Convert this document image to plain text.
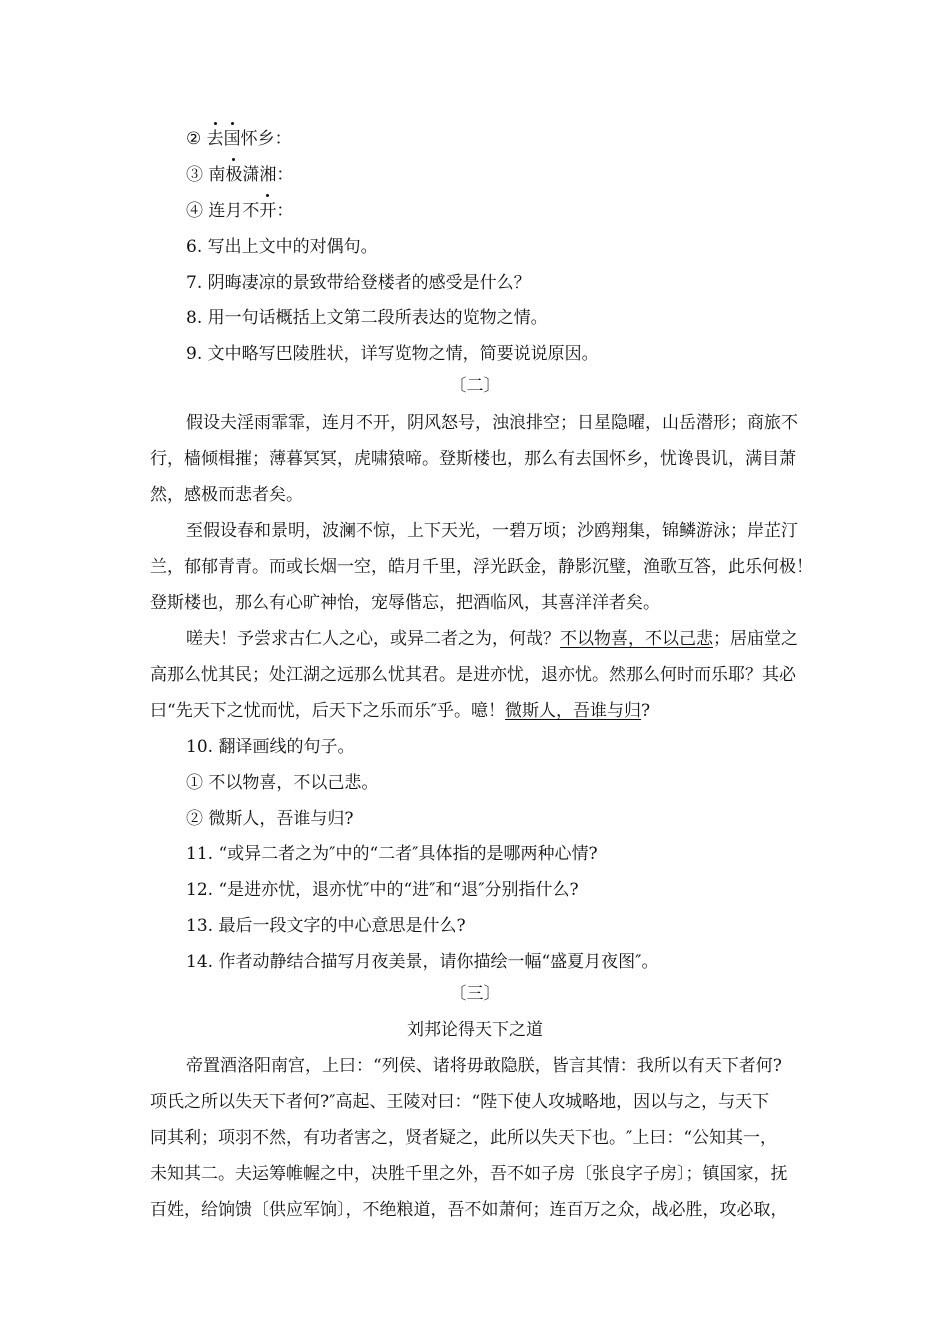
② 去国怀乡：
③ 南极潇湘：
④ 连月不开：
6. 写出上文中的对偶句。
7. 阴晦凄凉的景致带给登楼者的感受是什么？
8. 用一句话概括上文第二段所表达的览物之情。
9. 文中略写巴陵胜状，详写览物之情，简要说说原因。
〔二〕
假设夫淫雨霏霏，连月不开，阴风怒号，浊浪排空；日星隐曜，山岳潜形；商旅不
行，樯倾楫摧；薄暮冥冥，虎啸猿啼。登斯楼也，那么有去国怀乡，忧谗畏讥，满目萧
然，感极而悲者矣。
至假设春和景明，波澜不惊，上下天光，一碧万顷；沙鸥翔集，锦鳞游泳；岸芷汀
兰，郁郁青青。而或长烟一空，皓月千里，浮光跃金，静影沉璧，渔歌互答，此乐何极！
登斯楼也，那么有心旷神怡，宠辱偕忘，把酒临风，其喜洋洋者矣。
嗟夫！予尝求古仁人之心，或异二者之为，何哉？不以物喜，不以己悲；居庙堂之
高那么忧其民；处江湖之远那么忧其君。是进亦忧，退亦忧。然那么何时而乐耶？其必
曰“先天下之忧而忧，后天下之乐而乐″乎。噫！微斯人，吾谁与归?
10. 翻译画线的句子。
① 不以物喜，不以己悲。
② 微斯人，吾谁与归?
11. “或异二者之为″中的“二者″具体指的是哪两种心情?
12. “是进亦忧，退亦忧″中的“进″和“退″分别指什么?
13. 最后一段文字的中心意思是什么?
14. 作者动静结合描写月夜美景，请你描绘一幅“盛夏月夜图″。
〔三〕
刘邦论得天下之道
帝置酒洛阳南宫，上曰：“列侯、诸将毋敢隐朕，皆言其情：我所以有天下者何?
项氏之所以失天下者何?″高起、王陵对曰：“陛下使人攻城略地，因以与之，与天下
同其利；项羽不然，有功者害之，贤者疑之，此所以失天下也。″上曰：“公知其一，
未知其二。夫运筹帷幄之中，决胜千里之外，吾不如子房〔张良字子房〕；镇国家，抚
百姓，给饷馈〔供应军饷〕，不绝粮道，吾不如萧何；连百万之众，战必胜，攻必取，
